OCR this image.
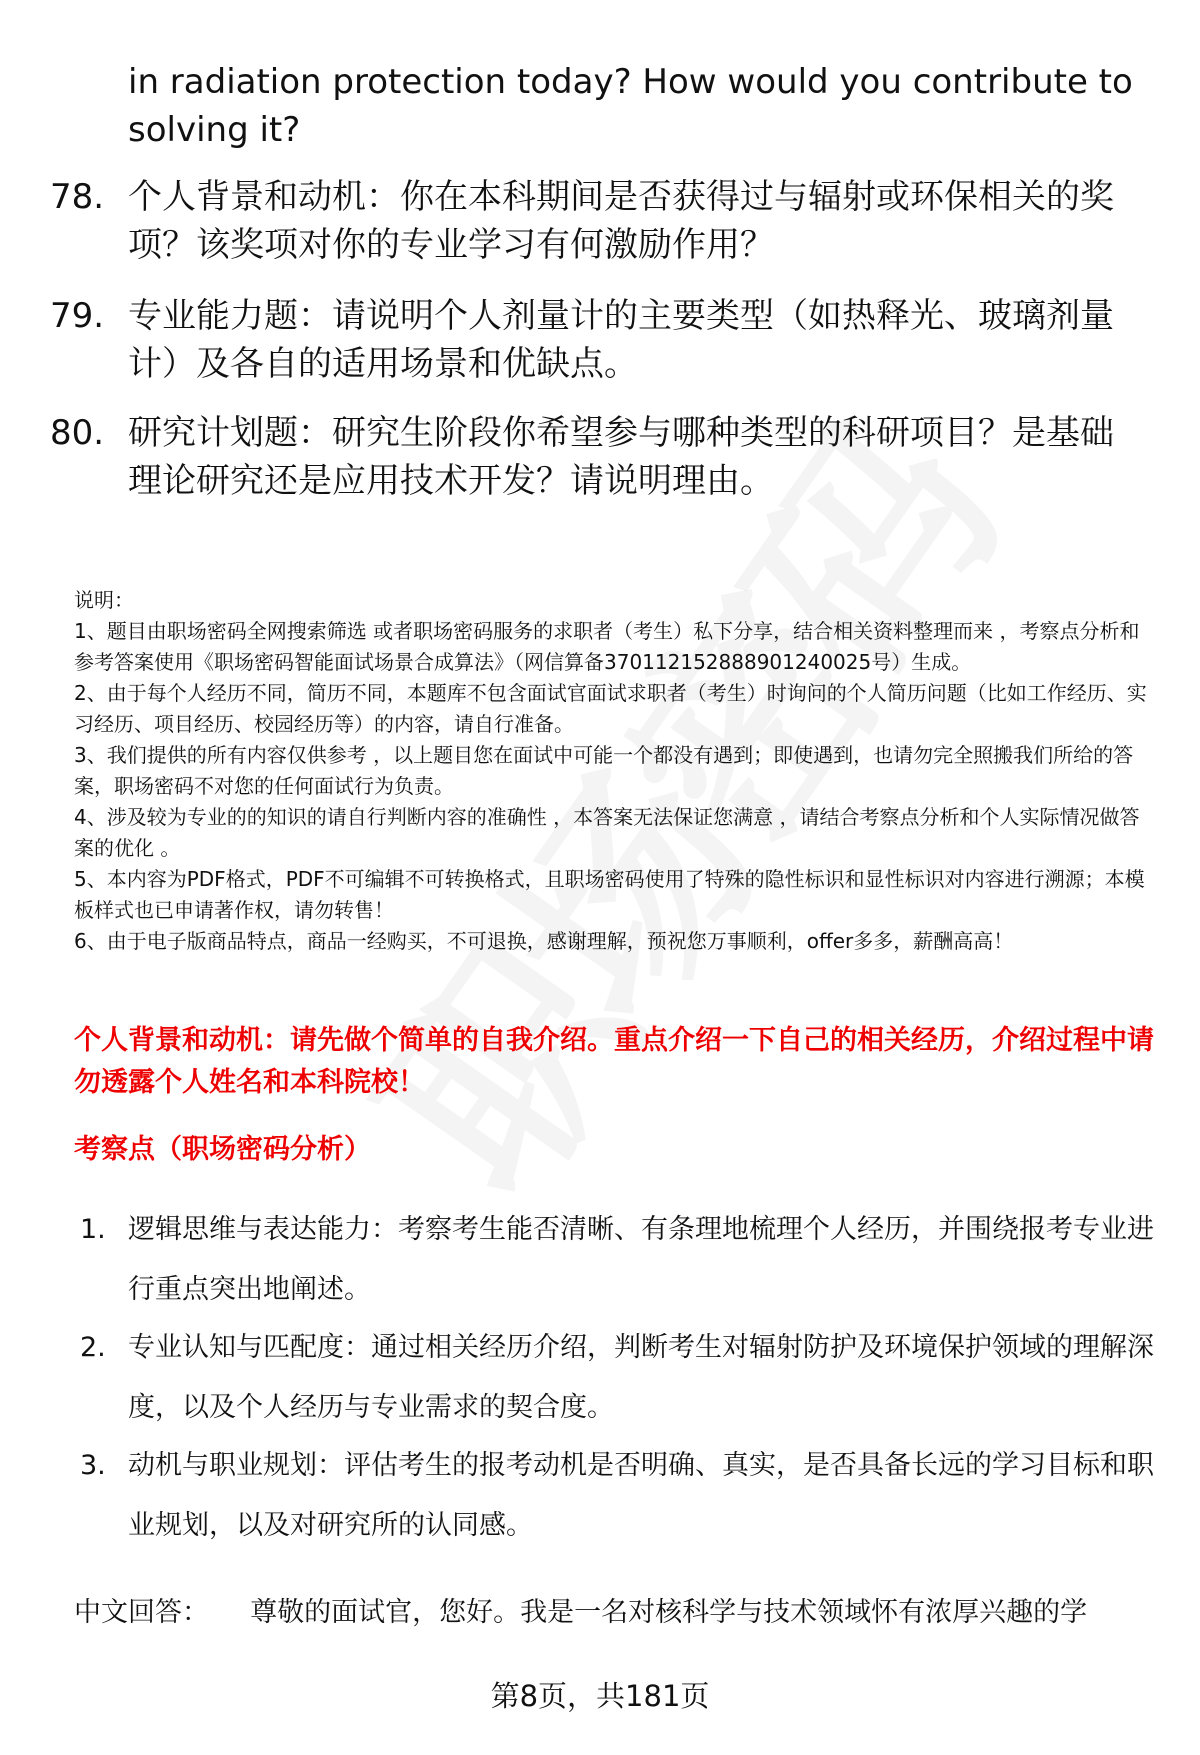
in radiation protection today? How would you contribute to solving it?
78. 个人背景和动机：你在本科期间是否获得过与辐射或环保相关的奖项？该奖项对你的专业学习有何激励作用？
79. 专业能力题：请说明个人剂量计的主要类型（如热释光、玻璃剂量计）及各自的适用场景和优缺点。
80. 研究计划题：研究生阶段你希望参与哪种类型的科研项目？是基础理论研究还是应用技术开发？请说明理由。
说明：
1、题目由职场密码全网搜索筛选 或者职场密码服务的求职者（考生）私下分享，结合相关资料整理而来 ，考察点分析和参考答案使用《职场密码智能面试场景合成算法》（网信算备370112152888901240025号）生成。
2、由于每个人经历不同，简历不同，本题库不包含面试官面试求职者（考生）时询问的个人简历问题（比如工作经历、实习经历、项目经历、校园经历等）的内容，请自行准备。
3、我们提供的所有内容仅供参考 ，以上题目您在面试中可能一个都没有遇到；即使遇到，也请勿完全照搬我们所给的答案，职场密码不对您的任何面试行为负责。
4、涉及较为专业的的知识的请自行判断内容的准确性 ，本答案无法保证您满意 ，请结合考察点分析和个人实际情况做答案的优化 。
5、本内容为PDF格式，PDF不可编辑不可转换格式，且职场密码使用了特殊的隐性标识和显性标识对内容进行溯源；本模板样式也已申请著作权，请勿转售！
6、由于电子版商品特点，商品一经购买，不可退换，感谢理解，预祝您万事顺利，offer多多，薪酬高高！
个人背景和动机：请先做个简单的自我介绍。重点介绍一下自己的相关经历，介绍过程中请勿透露个人姓名和本科院校！
考察点（职场密码分析）
1. 逻辑思维与表达能力：考察考生能否清晰、有条理地梳理个人经历，并围绕报考专业进行重点突出地阐述。
2. 专业认知与匹配度：通过相关经历介绍，判断考生对辐射防护及环境保护领域的理解深度，以及个人经历与专业需求的契合度。
3. 动机与职业规划：评估考生的报考动机是否明确、真实，是否具备长远的学习目标和职业规划，以及对研究所的认同感。
中文回答： 尊敬的面试官，您好。我是一名对核科学与技术领域怀有浓厚兴趣的学
第8页，共181页
